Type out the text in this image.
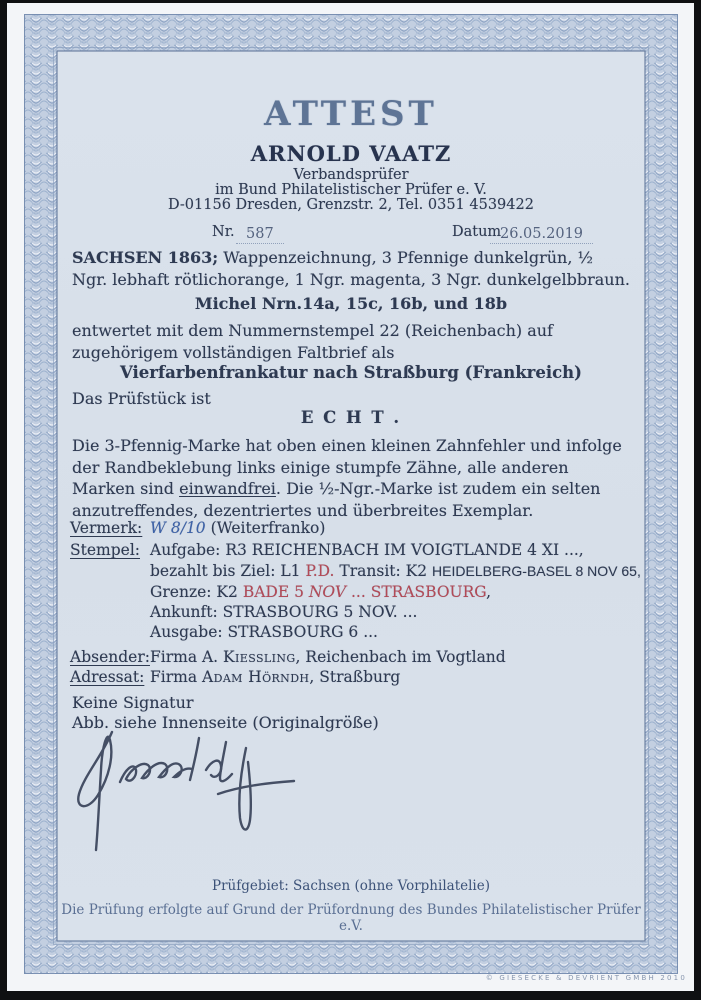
ATTEST
ARNOLD VAATZ
Verbandsprüfer
im Bund Philatelistischer Prüfer e. V.
D-01156 Dresden, Grenzstr. 2, Tel. 0351 4539422
Nr. 587	Datum
26.05.2019

SACHSEN 1863; Wappenzeichnung, 3 Pfennige dunkelgrün, ½ Ngr. lebhaft rötlichorange, 1 Ngr. magenta, 3 Ngr. dunkelgelbbraun.

Michel Nrn.14a, 15c, 16b, und 18b

entwertet mit dem Nummernstempel 22 (Reichenbach) auf zugehörigem vollständigen Faltbrief als

Vierfarbenfrankatur nach Straßburg (Frankreich)
Das Prüfstück ist
E C H T .

Die 3-Pfennig-Marke hat oben einen kleinen Zahnfehler und infolge der Randbeklebung links einige stumpfe Zähne, alle anderen Marken sind einwandfrei. Die ½-Ngr.-Marke ist zudem ein selten anzutreffendes, dezentriertes und überbreites Exemplar.

Vermerk: W 8/10 (Weiterfranko)
Stempel: Aufgabe: R3 REICHENBACH IM VOIGTLANDE 4 XI ...,
bezahlt bis Ziel: L1 P.D. Transit: K2 HEIDELBERG-BASEL 8 NOV 65,
Grenze: K2 BADE 5 NOV ... STRASBOURG,
Ankunft: STRASBOURG 5 NOV. ...
Ausgabe: STRASBOURG 6 ...
Absender: Firma A. Kiessling, Reichenbach im Vogtland
Adressat: Firma Adam Hörndh, Straßburg
Keine Signatur
Abb. siehe Innenseite (Originalgröße)
Prüfgebiet: Sachsen (ohne Vorphilatelie)
Die Prüfung erfolgte auf Grund der Prüfordnung des Bundes Philatelistischer Prüfer e.V.
© GIESECKE & DEVRIENT GMBH 2010
